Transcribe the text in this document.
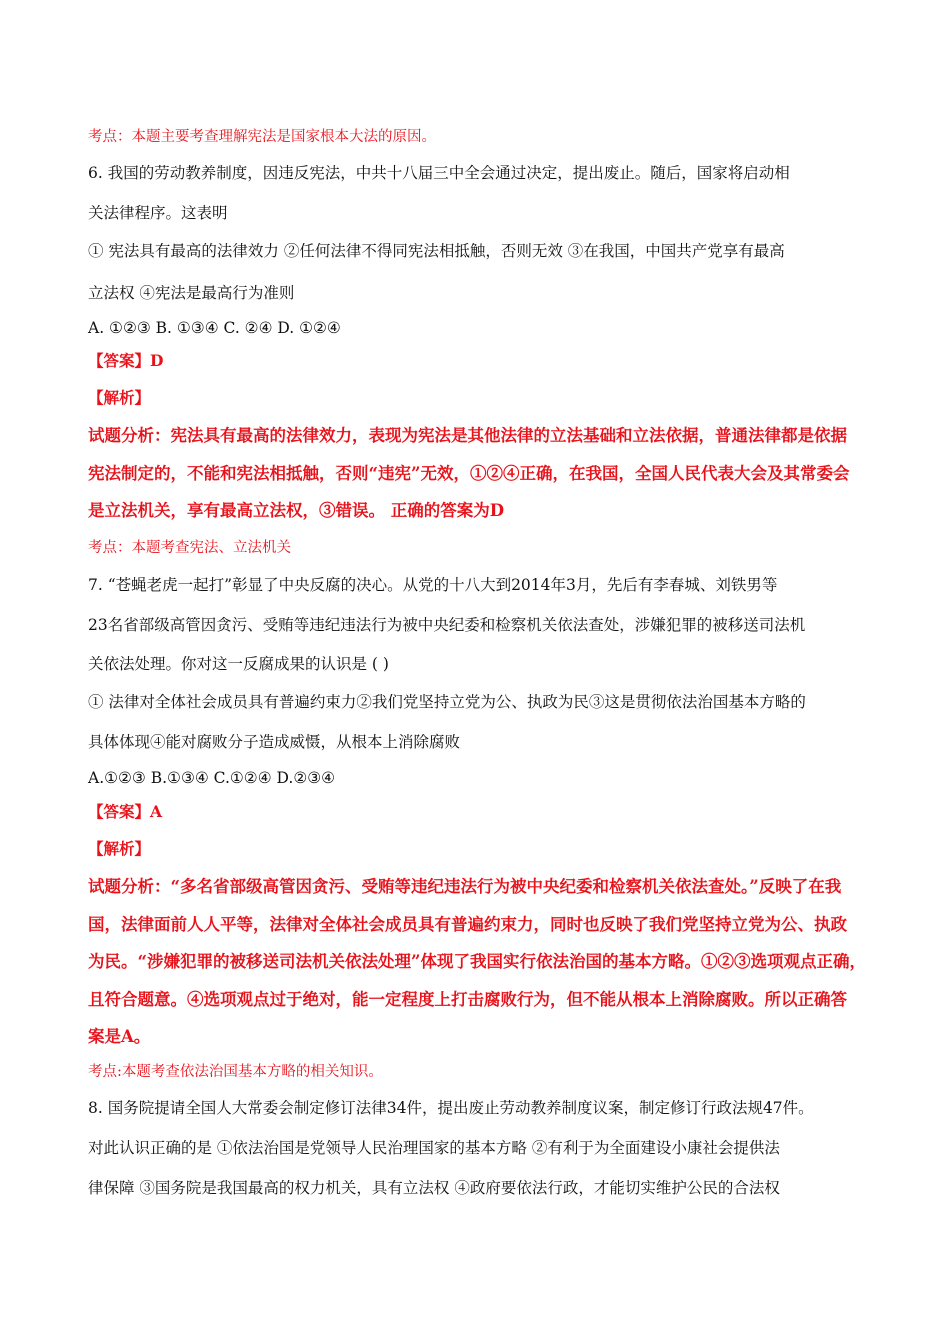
考点：本题主要考查理解宪法是国家根本大法的原因。
6. 我国的劳动教养制度，因违反宪法，中共十八届三中全会通过决定，提出废止。随后，国家将启动相
关法律程序。这表明
① 宪法具有最高的法律效力 ②任何法律不得同宪法相抵触，否则无效 ③在我国，中国共产党享有最高
立法权 ④宪法是最高行为准则
A. ①②③ B. ①③④ C. ②④ D. ①②④
【答案】D
【解析】
试题分析：宪法具有最高的法律效力，表现为宪法是其他法律的立法基础和立法依据，普通法律都是依据
宪法制定的，不能和宪法相抵触，否则“违宪”无效，①②④正确，在我国，全国人民代表大会及其常委会
是立法机关，享有最高立法权，③错误。 正确的答案为D
考点：本题考查宪法、立法机关
7. “苍蝇老虎一起打”彰显了中央反腐的决心。从党的十八大到2014年3月，先后有李春城、刘铁男等
23名省部级高管因贪污、受贿等违纪违法行为被中央纪委和检察机关依法查处，涉嫌犯罪的被移送司法机
关依法处理。你对这一反腐成果的认识是 ( )
① 法律对全体社会成员具有普遍约束力②我们党坚持立党为公、执政为民③这是贯彻依法治国基本方略的
具体体现④能对腐败分子造成威慑，从根本上消除腐败
A.①②③ B.①③④ C.①②④ D.②③④
【答案】A
【解析】
试题分析：“多名省部级高管因贪污、受贿等违纪违法行为被中央纪委和检察机关依法查处。”反映了在我
国，法律面前人人平等，法律对全体社会成员具有普遍约束力，同时也反映了我们党坚持立党为公、执政
为民。“涉嫌犯罪的被移送司法机关依法处理”体现了我国实行依法治国的基本方略。①②③选项观点正确，
且符合题意。④选项观点过于绝对，能一定程度上打击腐败行为，但不能从根本上消除腐败。所以正确答
案是A。
考点:本题考查依法治国基本方略的相关知识。
8. 国务院提请全国人大常委会制定修订法律34件，提出废止劳动教养制度议案，制定修订行政法规47件。
对此认识正确的是 ①依法治国是党领导人民治理国家的基本方略 ②有利于为全面建设小康社会提供法
律保障 ③国务院是我国最高的权力机关，具有立法权 ④政府要依法行政，才能切实维护公民的合法权
